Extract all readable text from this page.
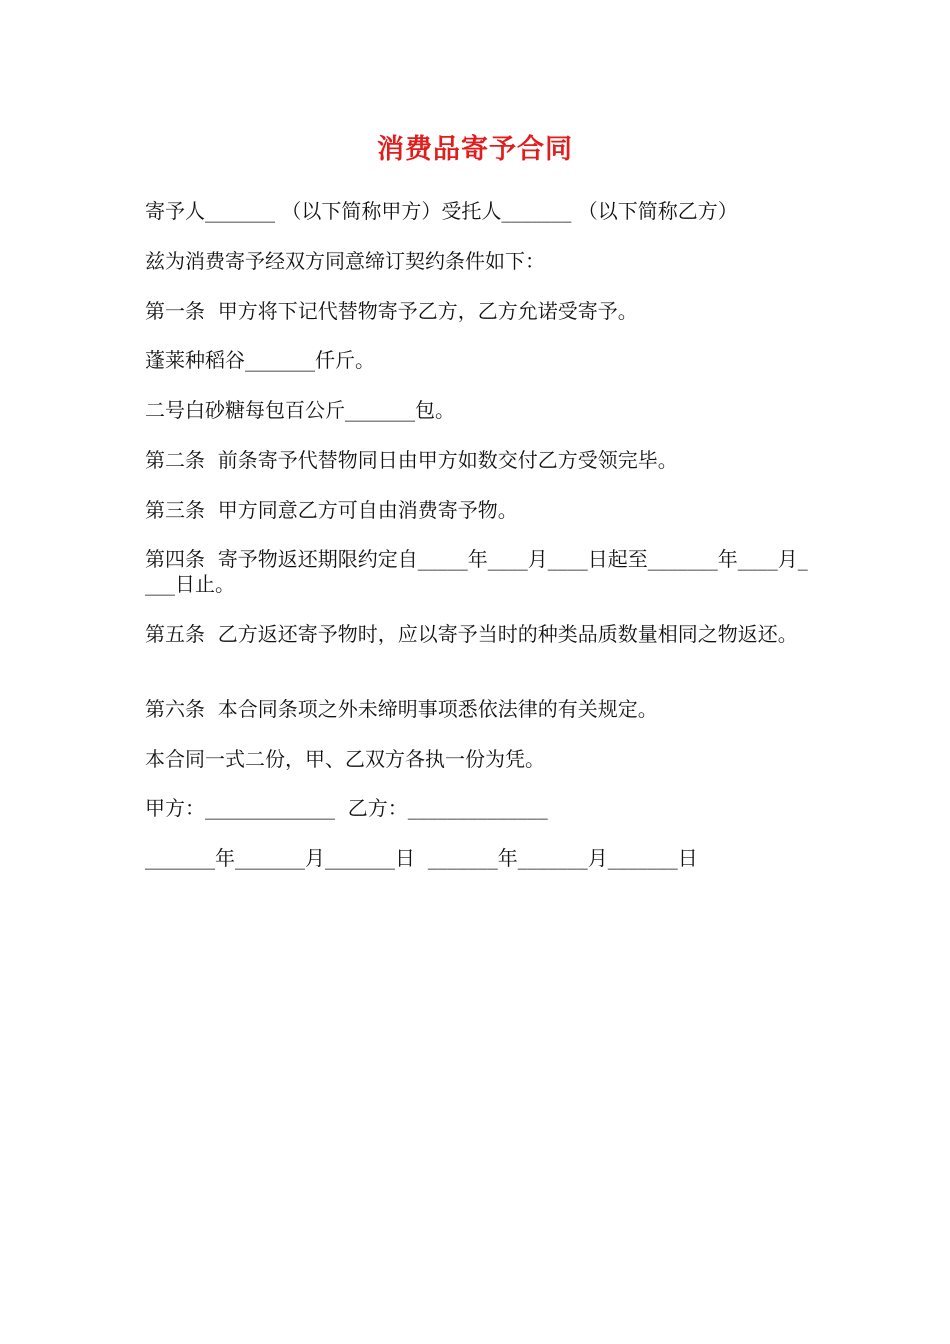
消费品寄予合同

寄予人_______ （以下简称甲方）受托人_______ （以下简称乙方）

兹为消费寄予经双方同意缔订契约条件如下：

第一条  甲方将下记代替物寄予乙方，乙方允诺受寄予。

蓬莱种稻谷_______仟斤。

二号白砂糖每包百公斤_______包。

第二条  前条寄予代替物同日由甲方如数交付乙方受领完毕。

第三条  甲方同意乙方可自由消费寄予物。

第四条  寄予物返还期限约定自_____年____月____日起至_______年____月____日止。

第五条  乙方返还寄予物时，应以寄予当时的种类品质数量相同之物返还。

第六条  本合同条项之外未缔明事项悉依法律的有关规定。

本合同一式二份，甲、乙双方各执一份为凭。

甲方：_____________  乙方：______________

_______年_______月_______日  _______年_______月_______日
